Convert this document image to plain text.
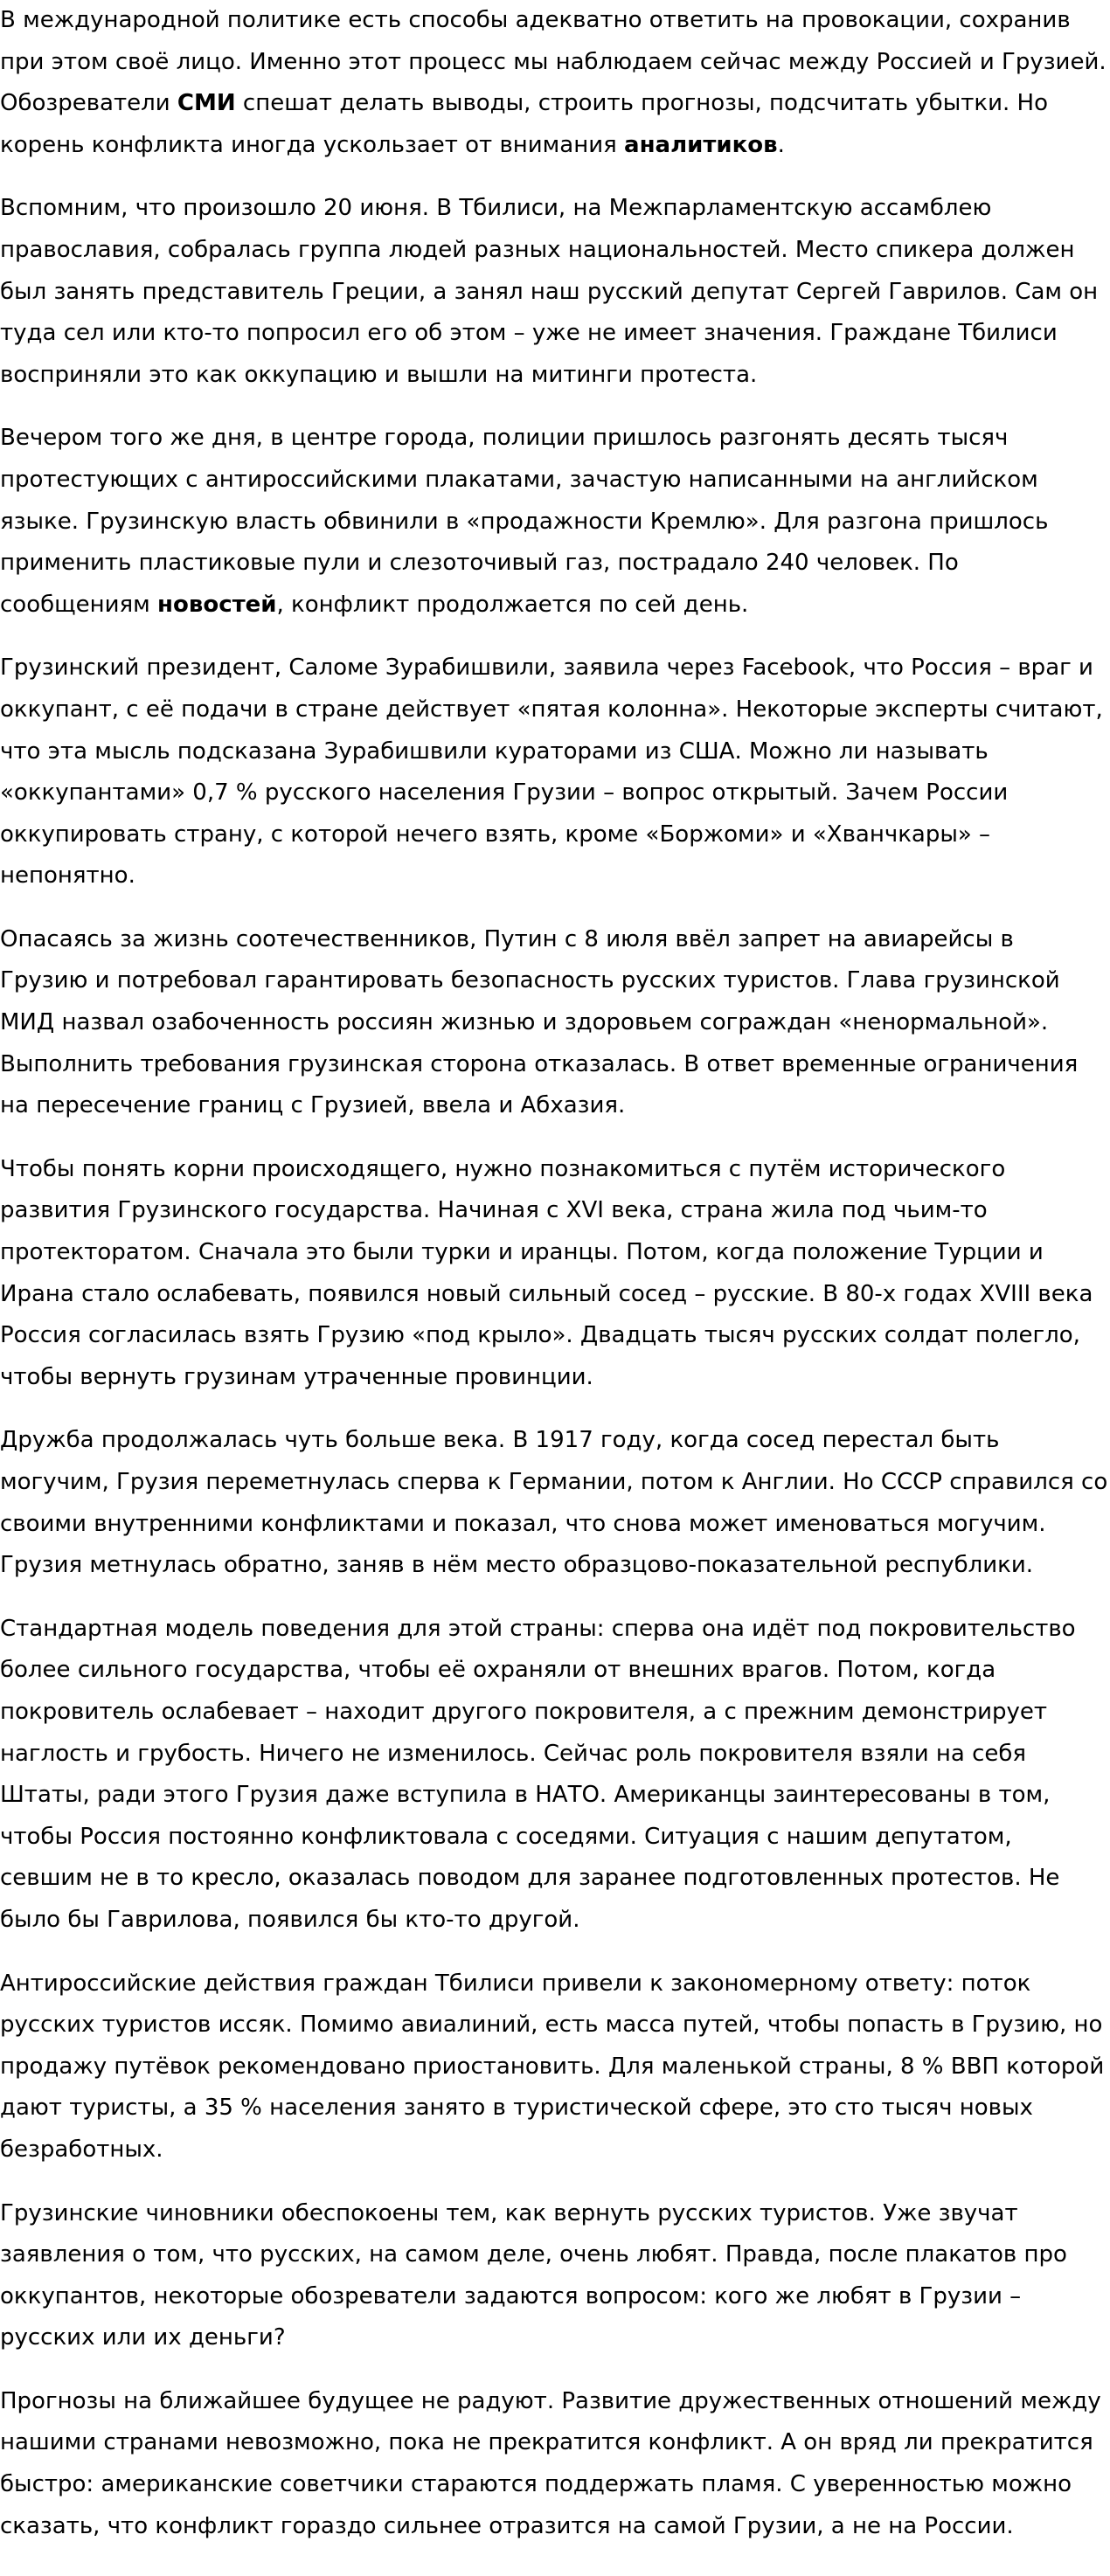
В международной политике есть способы адекватно ответить на провокации, сохранив при этом своё лицо. Именно этот процесс мы наблюдаем сейчас между Россией и Грузией. Обозреватели СМИ спешат делать выводы, строить прогнозы, подсчитать убытки. Но корень конфликта иногда ускользает от внимания аналитиков.

Вспомним, что произошло 20 июня. В Тбилиси, на Межпарламентскую ассамблею православия, собралась группа людей разных национальностей. Место спикера должен был занять представитель Греции, а занял наш русский депутат Сергей Гаврилов. Сам он туда сел или кто-то попросил его об этом – уже не имеет значения. Граждане Тбилиси восприняли это как оккупацию и вышли на митинги протеста.

Вечером того же дня, в центре города, полиции пришлось разгонять десять тысяч протестующих с антироссийскими плакатами, зачастую написанными на английском языке. Грузинскую власть обвинили в «продажности Кремлю». Для разгона пришлось применить пластиковые пули и слезоточивый газ, пострадало 240 человек. По сообщениям новостей, конфликт продолжается по сей день.

Грузинский президент, Саломе Зурабишвили, заявила через Facebook, что Россия – враг и оккупант, с её подачи в стране действует «пятая колонна». Некоторые эксперты считают, что эта мысль подсказана Зурабишвили кураторами из США. Можно ли называть «оккупантами» 0,7 % русского населения Грузии – вопрос открытый. Зачем России оккупировать страну, с которой нечего взять, кроме «Боржоми» и «Хванчкары» – непонятно.

Опасаясь за жизнь соотечественников, Путин с 8 июля ввёл запрет на авиарейсы в Грузию и потребовал гарантировать безопасность русских туристов. Глава грузинской МИД назвал озабоченность россиян жизнью и здоровьем сограждан «ненормальной». Выполнить требования грузинская сторона отказалась. В ответ временные ограничения на пересечение границ с Грузией, ввела и Абхазия.

Чтобы понять корни происходящего, нужно познакомиться с путём исторического развития Грузинского государства. Начиная с XVI века, страна жила под чьим-то протекторатом. Сначала это были турки и иранцы. Потом, когда положение Турции и Ирана стало ослабевать, появился новый сильный сосед – русские. В 80-х годах XVIII века Россия согласилась взять Грузию «под крыло». Двадцать тысяч русских солдат полегло, чтобы вернуть грузинам утраченные провинции.

Дружба продолжалась чуть больше века. В 1917 году, когда сосед перестал быть могучим, Грузия переметнулась сперва к Германии, потом к Англии. Но СССР справился со своими внутренними конфликтами и показал, что снова может именоваться могучим. Грузия метнулась обратно, заняв в нём место образцово-показательной республики.

Стандартная модель поведения для этой страны: сперва она идёт под покровительство более сильного государства, чтобы её охраняли от внешних врагов. Потом, когда покровитель ослабевает – находит другого покровителя, а с прежним демонстрирует наглость и грубость. Ничего не изменилось. Сейчас роль покровителя взяли на себя Штаты, ради этого Грузия даже вступила в НАТО. Американцы заинтересованы в том, чтобы Россия постоянно конфликтовала с соседями. Ситуация с нашим депутатом, севшим не в то кресло, оказалась поводом для заранее подготовленных протестов. Не было бы Гаврилова, появился бы кто-то другой.

Антироссийские действия граждан Тбилиси привели к закономерному ответу: поток русских туристов иссяк. Помимо авиалиний, есть масса путей, чтобы попасть в Грузию, но продажу путёвок рекомендовано приостановить. Для маленькой страны, 8 % ВВП которой дают туристы, а 35 % населения занято в туристической сфере, это сто тысяч новых безработных.

Грузинские чиновники обеспокоены тем, как вернуть русских туристов. Уже звучат заявления о том, что русских, на самом деле, очень любят. Правда, после плакатов про оккупантов, некоторые обозреватели задаются вопросом: кого же любят в Грузии – русских или их деньги?

Прогнозы на ближайшее будущее не радуют. Развитие дружественных отношений между нашими странами невозможно, пока не прекратится конфликт. А он вряд ли прекратится быстро: американские советчики стараются поддержать пламя. С уверенностью можно сказать, что конфликт гораздо сильнее отразится на самой Грузии, а не на России.
